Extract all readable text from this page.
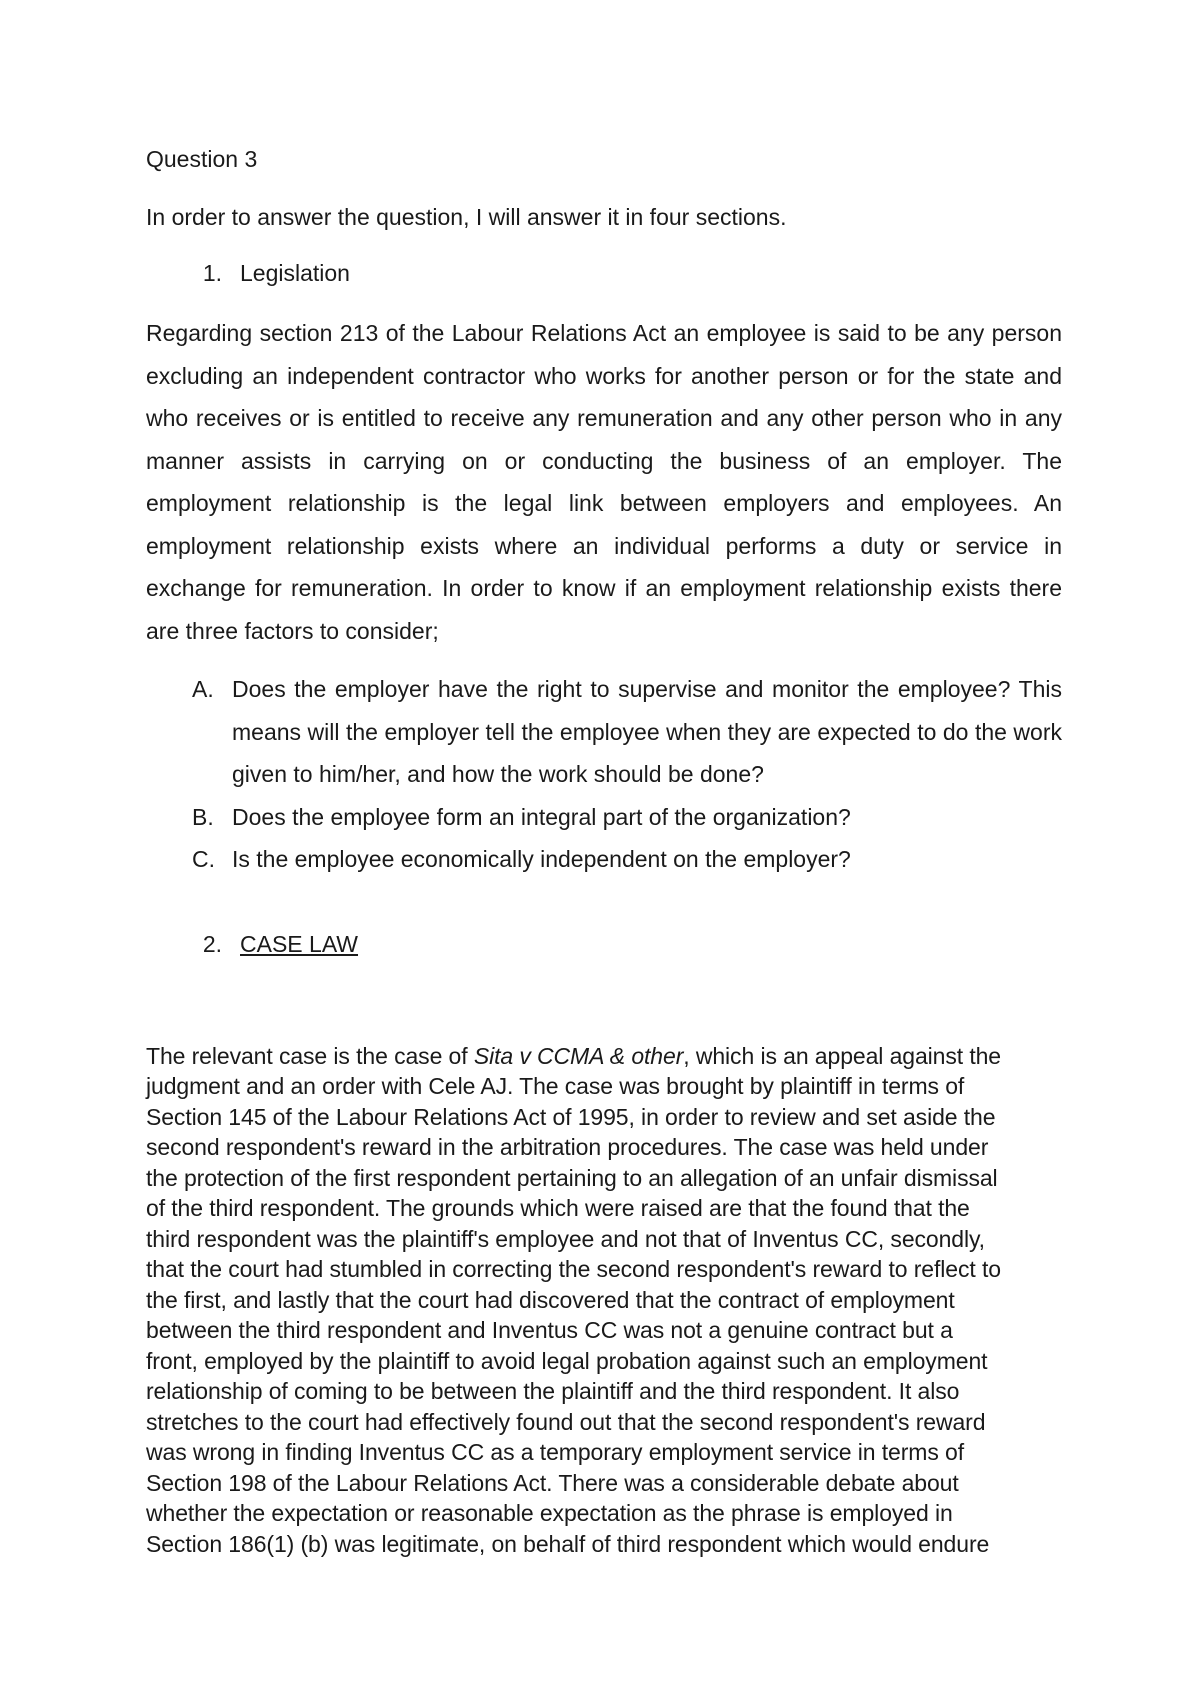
Question 3

In order to answer the question, I will answer it in four sections.

1. Legislation

Regarding section 213 of the Labour Relations Act an employee is said to be any person excluding an independent contractor who works for another person or for the state and who receives or is entitled to receive any remuneration and any other person who in any manner assists in carrying on or conducting the business of an employer. The employment relationship is the legal link between employers and employees. An employment relationship exists where an individual performs a duty or service in exchange for remuneration. In order to know if an employment relationship exists there are three factors to consider;

A. Does the employer have the right to supervise and monitor the employee? This means will the employer tell the employee when they are expected to do the work given to him/her, and how the work should be done?
B. Does the employee form an integral part of the organization?
C. Is the employee economically independent on the employer?
2. CASE LAW
The relevant case is the case of Sita v CCMA & other, which is an appeal against the
judgment and an order with Cele AJ. The case was brought by plaintiff in terms of
Section 145 of the Labour Relations Act of 1995, in order to review and set aside the
second respondent's reward in the arbitration procedures. The case was held under
the protection of the first respondent pertaining to an allegation of an unfair dismissal
of the third respondent. The grounds which were raised are that the found that the
third respondent was the plaintiff's employee and not that of Inventus CC, secondly,
that the court had stumbled in correcting the second respondent's reward to reflect to
the first, and lastly that the court had discovered that the contract of employment
between the third respondent and Inventus CC was not a genuine contract but a
front, employed by the plaintiff to avoid legal probation against such an employment
relationship of coming to be between the plaintiff and the third respondent. It also
stretches to the court had effectively found out that the second respondent's reward
was wrong in finding Inventus CC as a temporary employment service in terms of
Section 198 of the Labour Relations Act. There was a considerable debate about
whether the expectation or reasonable expectation as the phrase is employed in
Section 186(1) (b) was legitimate, on behalf of third respondent which would endure
